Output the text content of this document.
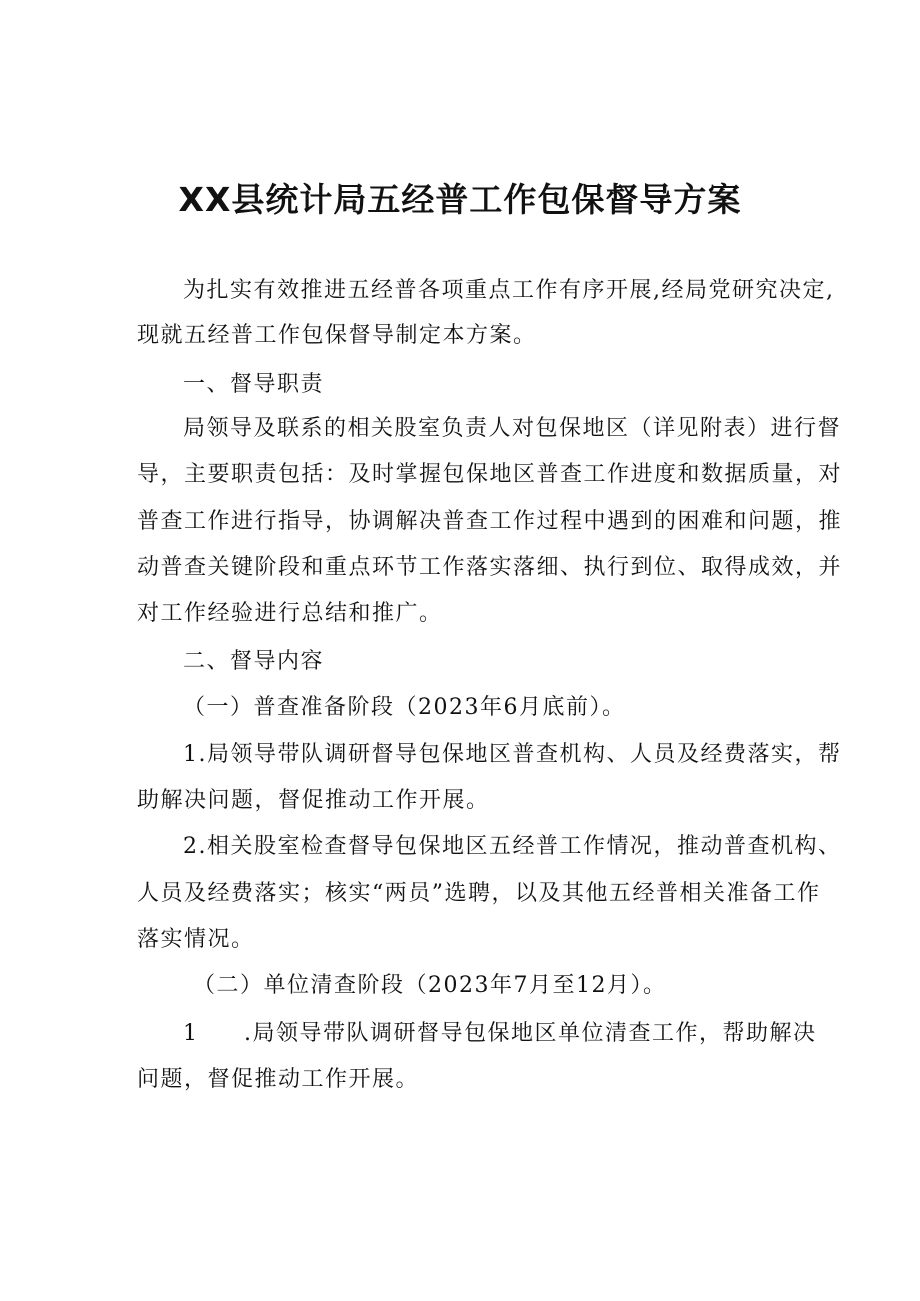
XX县统计局五经普工作包保督导方案
为扎实有效推进五经普各项重点工作有序开展,经局党研究决定,
现就五经普工作包保督导制定本方案。
一、督导职责
局领导及联系的相关股室负责人对包保地区（详见附表）进行督
导，主要职责包括：及时掌握包保地区普查工作进度和数据质量，对
普查工作进行指导，协调解决普查工作过程中遇到的困难和问题，推
动普查关键阶段和重点环节工作落实落细、执行到位、取得成效，并
对工作经验进行总结和推广。
二、督导内容
（一）普查准备阶段（2023年6月底前）。
1.局领导带队调研督导包保地区普查机构、人员及经费落实，帮
助解决问题，督促推动工作开展。
2.相关股室检查督导包保地区五经普工作情况，推动普查机构、
人员及经费落实；核实“两员”选聘，以及其他五经普相关准备工作
落实情况。
（二）单位清查阶段（2023年7月至12月）。
1 .局领导带队调研督导包保地区单位清查工作，帮助解决
问题，督促推动工作开展。
